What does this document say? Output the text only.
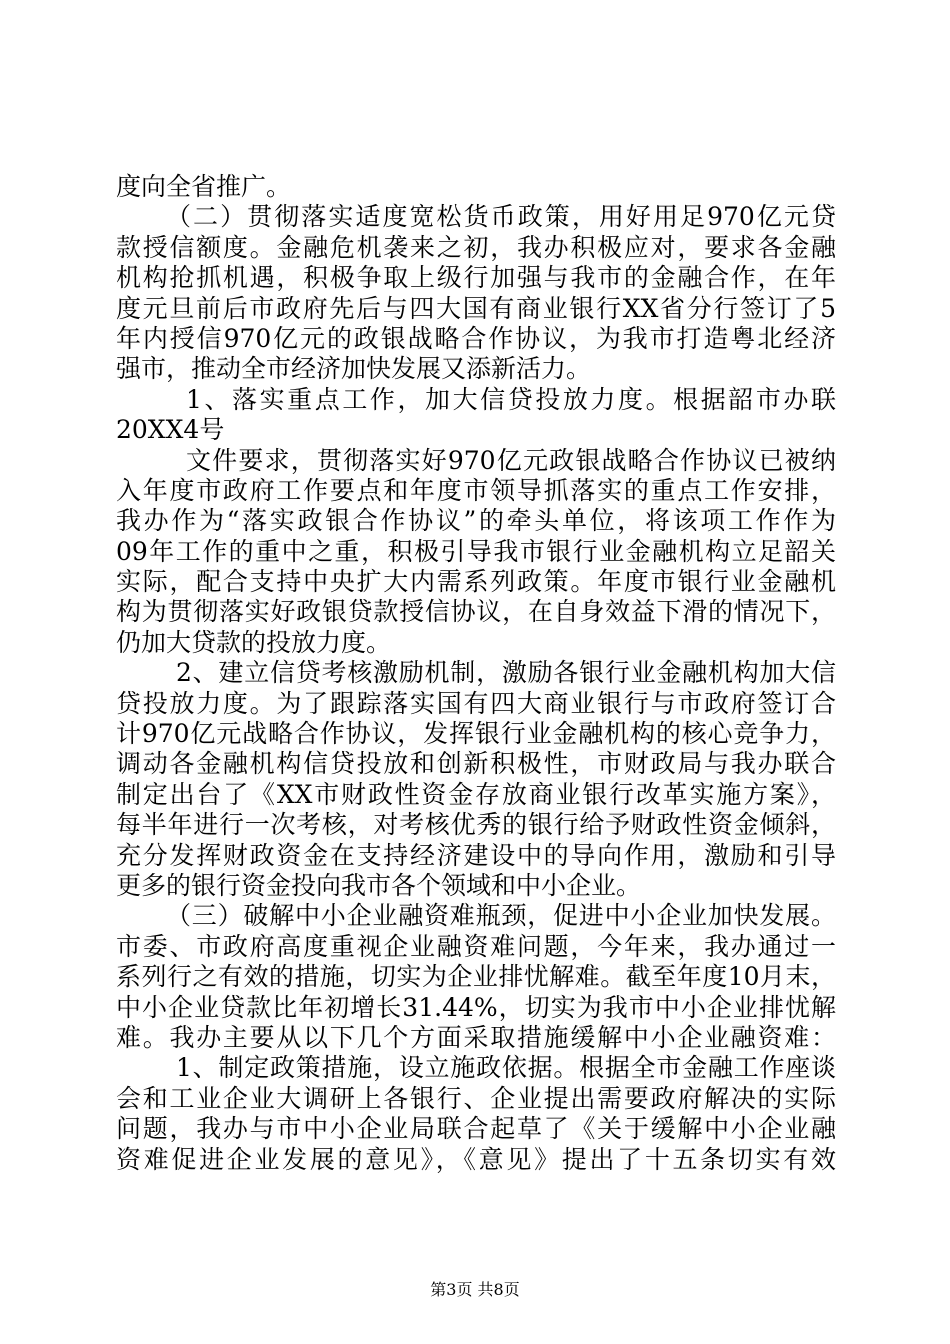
度向全省推广。
（二）贯彻落实适度宽松货币政策，用好用足970亿元贷
款授信额度。金融危机袭来之初，我办积极应对，要求各金融
机构抢抓机遇，积极争取上级行加强与我市的金融合作，在年
度元旦前后市政府先后与四大国有商业银行XX省分行签订了5
年内授信970亿元的政银战略合作协议，为我市打造粤北经济
强市，推动全市经济加快发展又添新活力。
1、落实重点工作，加大信贷投放力度。根据韶市办联
20XX4号
文件要求，贯彻落实好970亿元政银战略合作协议已被纳
入年度市政府工作要点和年度市领导抓落实的重点工作安排，
我办作为“落实政银合作协议”的牵头单位，将该项工作作为
09年工作的重中之重，积极引导我市银行业金融机构立足韶关
实际，配合支持中央扩大内需系列政策。年度市银行业金融机
构为贯彻落实好政银贷款授信协议，在自身效益下滑的情况下，
仍加大贷款的投放力度。
2、建立信贷考核激励机制，激励各银行业金融机构加大信
贷投放力度。为了跟踪落实国有四大商业银行与市政府签订合
计970亿元战略合作协议，发挥银行业金融机构的核心竞争力，
调动各金融机构信贷投放和创新积极性，市财政局与我办联合
制定出台了《XX市财政性资金存放商业银行改革实施方案》，
每半年进行一次考核，对考核优秀的银行给予财政性资金倾斜，
充分发挥财政资金在支持经济建设中的导向作用，激励和引导
更多的银行资金投向我市各个领域和中小企业。
（三）破解中小企业融资难瓶颈，促进中小企业加快发展。
市委、市政府高度重视企业融资难问题，今年来，我办通过一
系列行之有效的措施，切实为企业排忧解难。截至年度10月末，
中小企业贷款比年初增长31.44%，切实为我市中小企业排忧解
难。我办主要从以下几个方面采取措施缓解中小企业融资难：
1、制定政策措施，设立施政依据。根据全市金融工作座谈
会和工业企业大调研上各银行、企业提出需要政府解决的实际
问题，我办与市中小企业局联合起草了《关于缓解中小企业融
资难促进企业发展的意见》，《意见》提出了十五条切实有效
第3页 共8页
